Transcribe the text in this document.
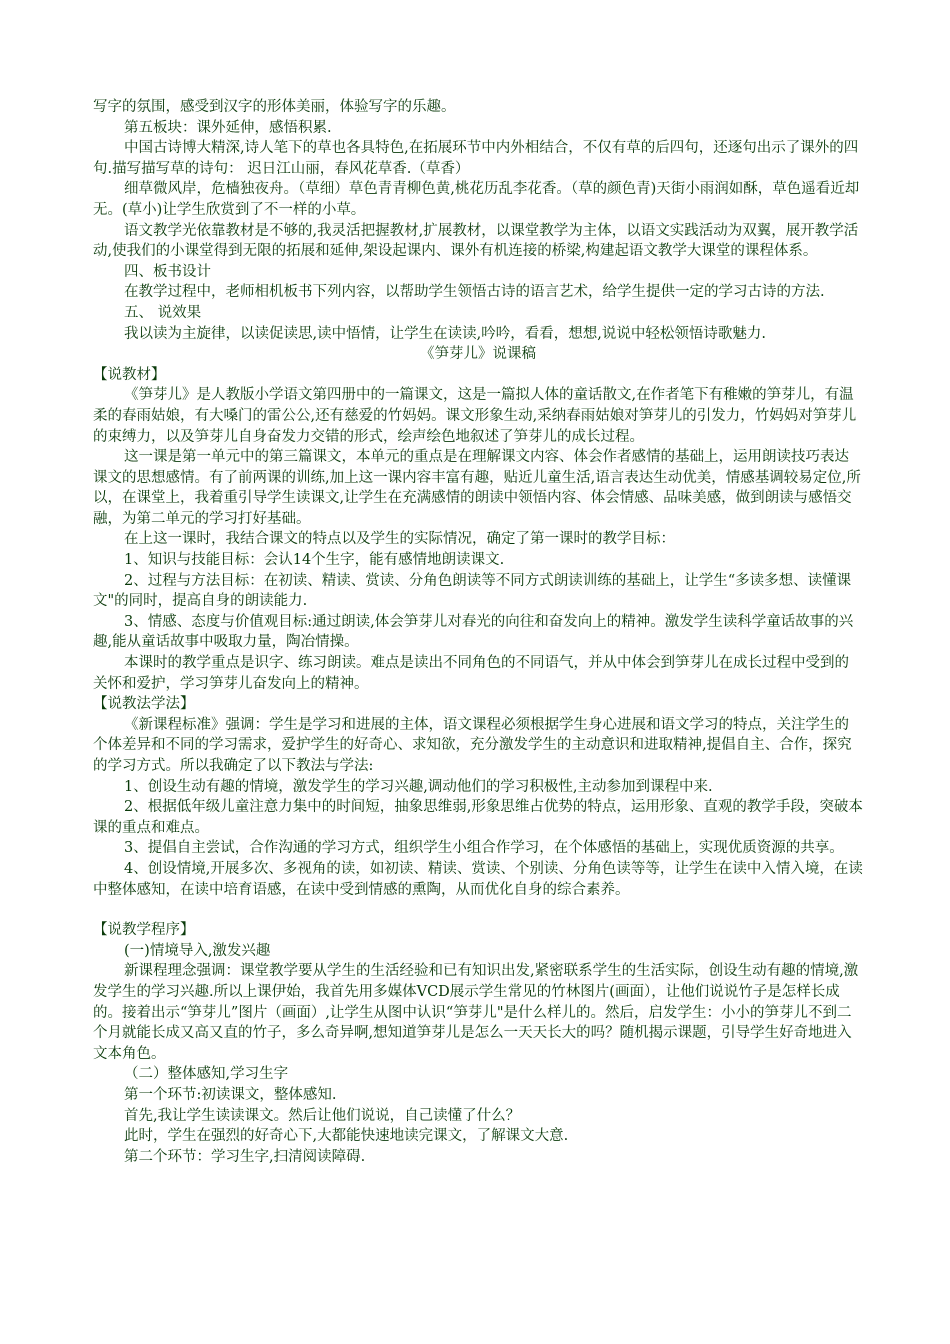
写字的氛围，感受到汉字的形体美丽，体验写字的乐趣。

第五板块：课外延伸，感悟积累.

中国古诗博大精深,诗人笔下的草也各具特色,在拓展环节中内外相结合，不仅有草的后四句，还逐句出示了课外的四句.描写描写草的诗句： 迟日江山丽，春风花草香.（草香）

细草微风岸，危樯独夜舟。（草细）草色青青柳色黄,桃花历乱李花香。（草的颜色青)天街小雨润如酥，草色遥看近却无。(草小)让学生欣赏到了不一样的小草。

语文教学光依靠教材是不够的,我灵活把握教材,扩展教材，以课堂教学为主体，以语文实践活动为双翼，展开教学活动,使我们的小课堂得到无限的拓展和延伸,架设起课内、课外有机连接的桥梁,构建起语文教学大课堂的课程体系。

四、板书设计

在教学过程中，老师相机板书下列内容，以帮助学生领悟古诗的语言艺术，给学生提供一定的学习古诗的方法.

五、 说效果

我以读为主旋律，以读促读思,读中悟情，让学生在读读,吟吟，看看，想想,说说中轻松领悟诗歌魅力.

《笋芽儿》说课稿

【说教材】

《笋芽儿》是人教版小学语文第四册中的一篇课文，这是一篇拟人体的童话散文,在作者笔下有稚嫩的笋芽儿，有温柔的春雨姑娘，有大嗓门的雷公公,还有慈爱的竹妈妈。课文形象生动,采纳春雨姑娘对笋芽儿的引发力，竹妈妈对笋芽儿的束缚力，以及笋芽儿自身奋发力交错的形式，绘声绘色地叙述了笋芽儿的成长过程。

这一课是第一单元中的第三篇课文，本单元的重点是在理解课文内容、体会作者感情的基础上，运用朗读技巧表达课文的思想感情。有了前两课的训练,加上这一课内容丰富有趣，贴近儿童生活,语言表达生动优美，情感基调较易定位,所以，在课堂上，我着重引导学生读课文,让学生在充满感情的朗读中领悟内容、体会情感、品味美感，做到朗读与感悟交融，为第二单元的学习打好基础。

在上这一课时，我结合课文的特点以及学生的实际情况，确定了第一课时的教学目标：

1、知识与技能目标：会认14个生字，能有感情地朗读课文.

2、过程与方法目标：在初读、精读、赏读、分角色朗读等不同方式朗读训练的基础上，让学生“多读多想、读懂课文"的同时，提高自身的朗读能力.

3、情感、态度与价值观目标:通过朗读,体会笋芽儿对春光的向往和奋发向上的精神。激发学生读科学童话故事的兴趣,能从童话故事中吸取力量，陶冶情操。

本课时的教学重点是识字、练习朗读。难点是读出不同角色的不同语气，并从中体会到笋芽儿在成长过程中受到的关怀和爱护，学习笋芽儿奋发向上的精神。

【说教法学法】

《新课程标准》强调：学生是学习和进展的主体，语文课程必须根据学生身心进展和语文学习的特点，关注学生的个体差异和不同的学习需求，爱护学生的好奇心、求知欲，充分激发学生的主动意识和进取精神,提倡自主、合作，探究的学习方式。所以我确定了以下教法与学法:

1、创设生动有趣的情境，激发学生的学习兴趣,调动他们的学习积极性,主动参加到课程中来.

2、根据低年级儿童注意力集中的时间短，抽象思维弱,形象思维占优势的特点，运用形象、直观的教学手段，突破本课的重点和难点。

3、提倡自主尝试，合作沟通的学习方式，组织学生小组合作学习，在个体感悟的基础上，实现优质资源的共享。

4、创设情境,开展多次、多视角的读，如初读、精读、赏读、个别读、分角色读等等，让学生在读中入情入境，在读中整体感知，在读中培育语感，在读中受到情感的熏陶，从而优化自身的综合素养。

【说教学程序】

(一)情境导入,激发兴趣

新课程理念强调：课堂教学要从学生的生活经验和已有知识出发,紧密联系学生的生活实际，创设生动有趣的情境,激发学生的学习兴趣.所以上课伊始，我首先用多媒体VCD展示学生常见的竹林图片(画面），让他们说说竹子是怎样长成的。接着出示“笋芽儿”图片（画面）,让学生从图中认识“笋芽儿"是什么样儿的。然后，启发学生：小小的笋芽儿不到二个月就能长成又高又直的竹子，多么奇异啊,想知道笋芽儿是怎么一天天长大的吗？随机揭示课题，引导学生好奇地进入文本角色。

（二）整体感知,学习生字

第一个环节:初读课文，整体感知.

首先,我让学生读读课文。然后让他们说说，自己读懂了什么？

此时，学生在强烈的好奇心下,大都能快速地读完课文，了解课文大意.

第二个环节：学习生字,扫清阅读障碍.
